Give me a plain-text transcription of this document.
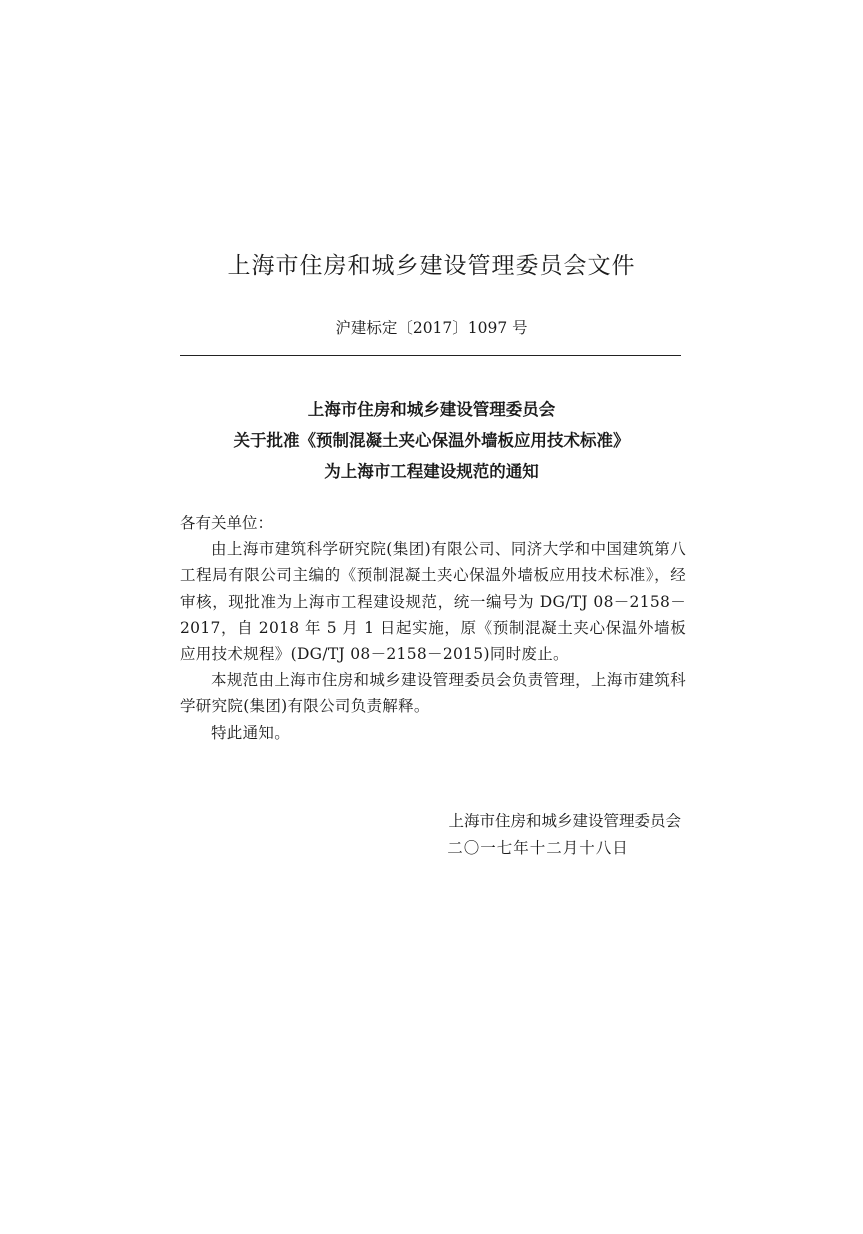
上海市住房和城乡建设管理委员会文件
沪建标定〔2017〕1097 号
上海市住房和城乡建设管理委员会
关于批准《预制混凝土夹心保温外墙板应用技术标准》
为上海市工程建设规范的通知
各有关单位：
由上海市建筑科学研究院(集团)有限公司、同济大学和中国建筑第八工程局有限公司主编的《预制混凝土夹心保温外墙板应用技术标准》，经审核，现批准为上海市工程建设规范，统一编号为 DG/TJ 08－2158－2017，自 2018 年 5 月 1 日起实施，原《预制混凝土夹心保温外墙板应用技术规程》(DG/TJ 08－2158－2015)同时废止。
本规范由上海市住房和城乡建设管理委员会负责管理，上海市建筑科学研究院(集团)有限公司负责解释。
特此通知。
上海市住房和城乡建设管理委员会
二〇一七年十二月十八日
